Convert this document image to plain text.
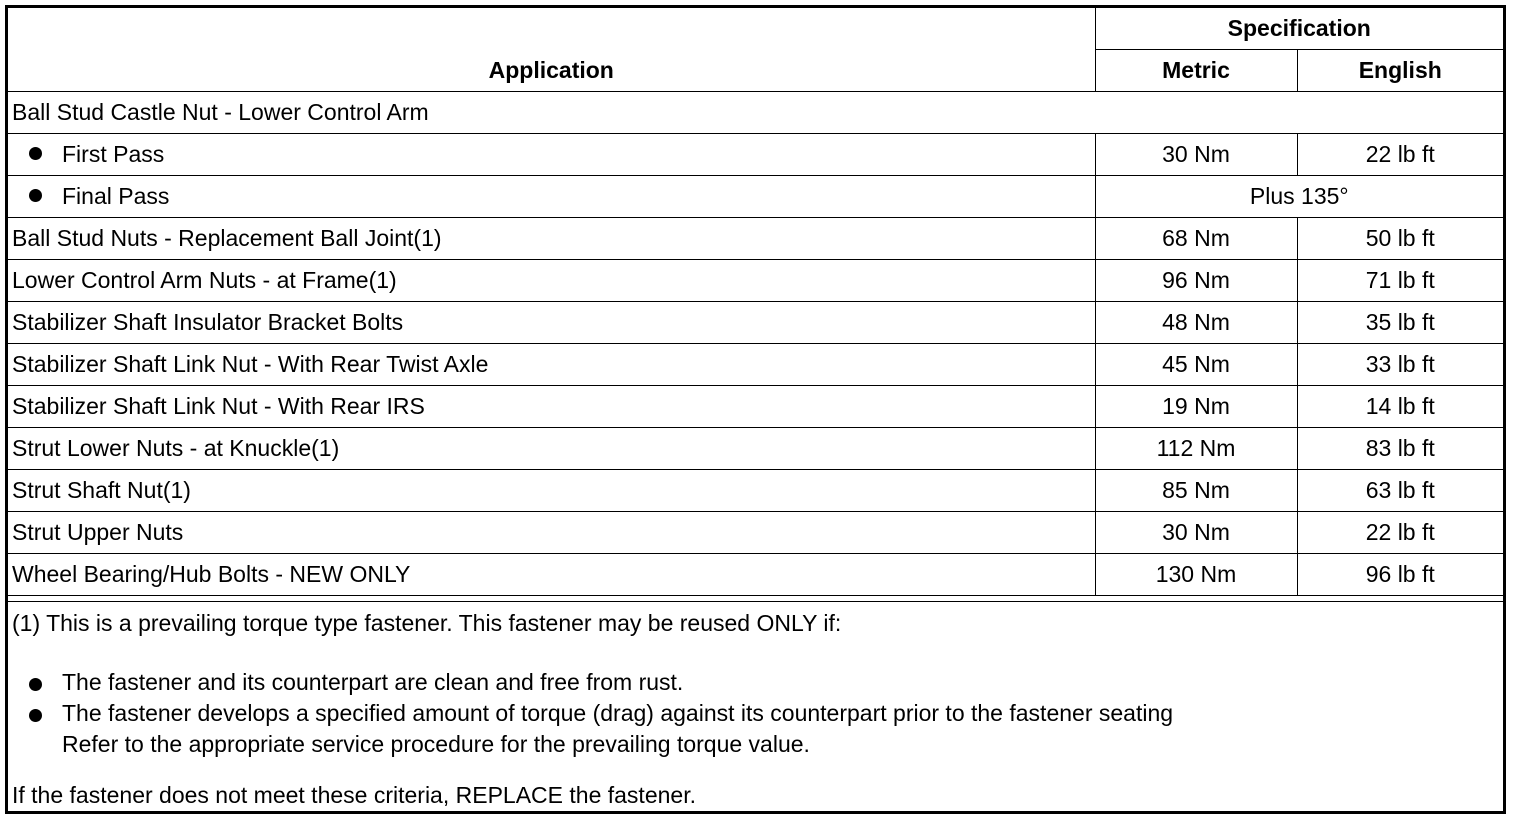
Application	Specification	
	Metric	English
Ball Stud Castle Nut - Lower Control Arm		
First Pass	30 Nm	22 lb ft
Final Pass	Plus 135°	
Ball Stud Nuts - Replacement Ball Joint(1)	68 Nm	50 lb ft
Lower Control Arm Nuts - at Frame(1)	96 Nm	71 lb ft
Stabilizer Shaft Insulator Bracket Bolts	48 Nm	35 lb ft
Stabilizer Shaft Link Nut - With Rear Twist Axle	45 Nm	33 lb ft
Stabilizer Shaft Link Nut - With Rear IRS	19 Nm	14 lb ft
Strut Lower Nuts - at Knuckle(1)	112 Nm	83 lb ft
Strut Shaft Nut(1)	85 Nm	63 lb ft
Strut Upper Nuts	30 Nm	22 lb ft
Wheel Bearing/Hub Bolts - NEW ONLY	130 Nm	96 lb ft
(1) This is a prevailing torque type fastener. This fastener may be reused ONLY if:
The fastener and its counterpart are clean and free from rust.
The fastener develops a specified amount of torque (drag) against its counterpart prior to the fastener seating
Refer to the appropriate service procedure for the prevailing torque value.
If the fastener does not meet these criteria, REPLACE the fastener.
